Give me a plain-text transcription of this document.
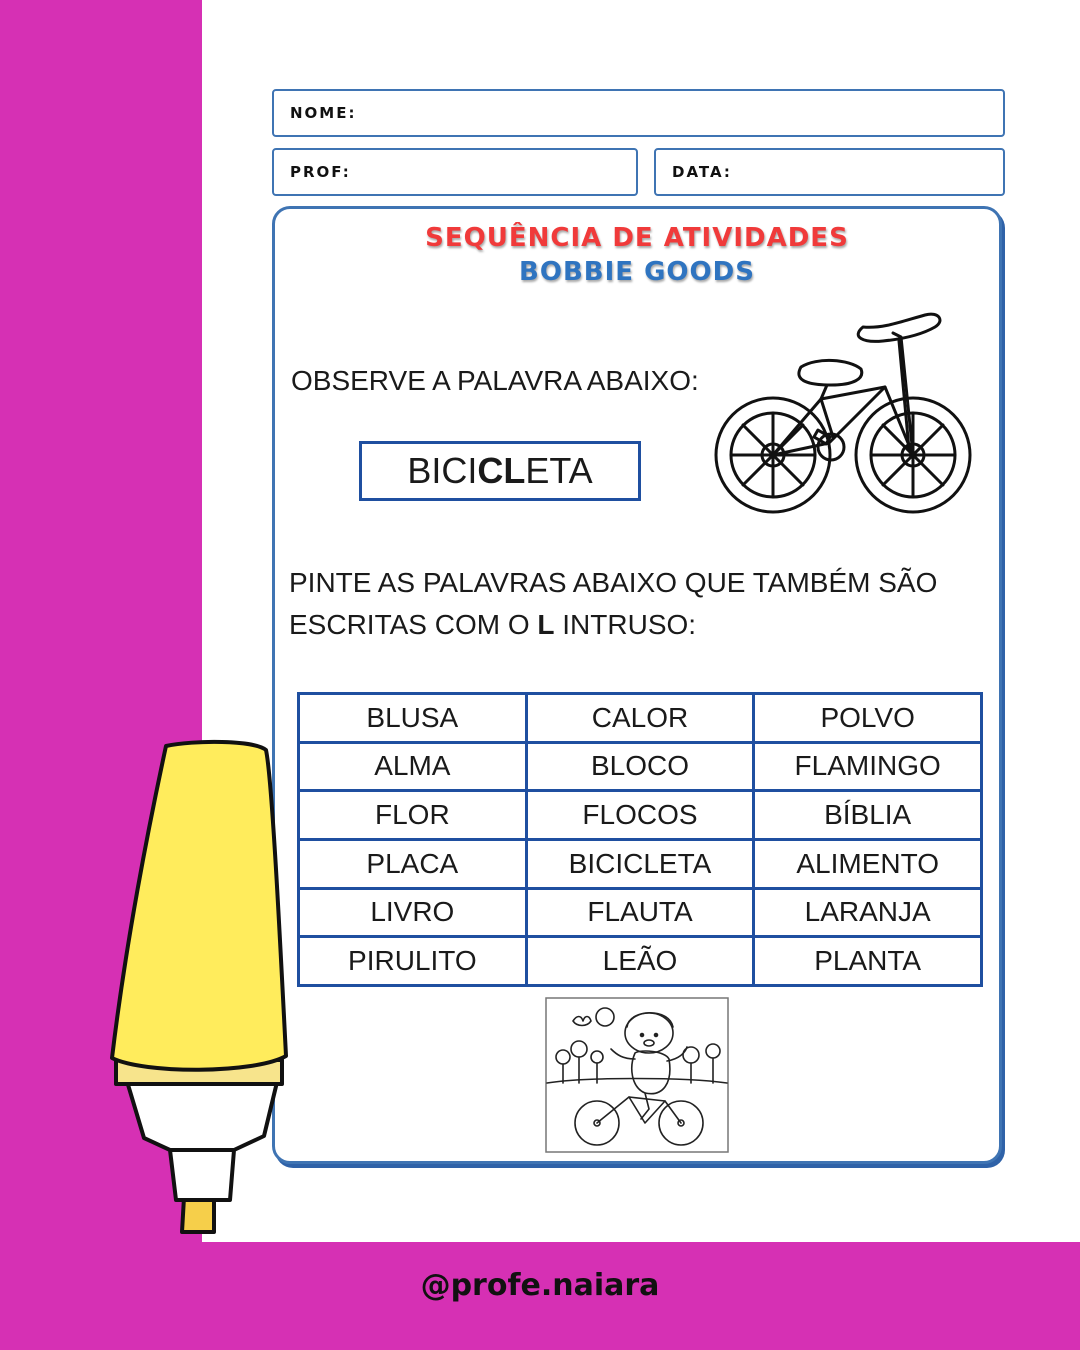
NOME:
PROF:	DATA:
SEQUÊNCIA DE ATIVIDADES
BOBBIE GOODS
OBSERVE A PALAVRA ABAIXO:
BICI CL ETA
PINTE AS PALAVRAS ABAIXO QUE TAMBÉM SÃO
ESCRITAS COM O L INTRUSO:
BLUSA	CALOR	POLVO
ALMA	BLOCO	FLAMINGO
FLOR	FLOCOS	BÍBLIA
PLACA	BICICLETA	ALIMENTO
LIVRO	FLAUTA	LARANJA
PIRULITO	LEÃO	PLANTA
@profe.naiara
